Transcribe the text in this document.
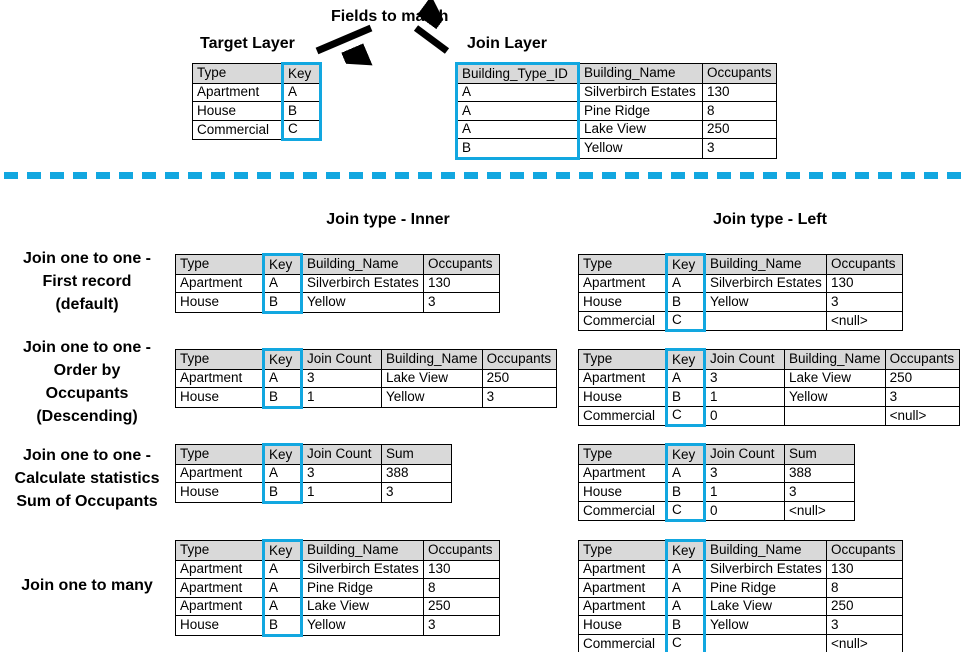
Fields to match
Target Layer	Join Layer
Type	Key
Apartment	A
House	B
Commercial	C
Building_Type_ID	Building_Name	Occupants
A	Silverbirch Estates	130
A	Pine Ridge	8
A	Lake View	250
B	Yellow	3
Join type - Inner	Join type - Left
Join one to one -
First record
(default)
Type	Key	Building_Name	Occupants
Apartment	A	Silverbirch Estates	130
House	B	Yellow	3
Type	Key	Building_Name	Occupants
Apartment	A	Silverbirch Estates	130
House	B	Yellow	3
Commercial	C		<null>
Join one to one -
Order by
Occupants
(Descending)
Type	Key	Join Count	Building_Name	Occupants
Apartment	A	3	Lake View	250
House	B	1	Yellow	3
Type	Key	Join Count	Building_Name	Occupants
Apartment	A	3	Lake View	250
House	B	1	Yellow	3
Commercial	C	0		<null>
Join one to one -
Calculate statistics
Sum of Occupants
Type	Key	Join Count	Sum
Apartment	A	3	388
House	B	1	3
Type	Key	Join Count	Sum
Apartment	A	3	388
House	B	1	3
Commercial	C	0	<null>
Join one to many
Type	Key	Building_Name	Occupants
Apartment	A	Silverbirch Estates	130
Apartment	A	Pine Ridge	8
Apartment	A	Lake View	250
House	B	Yellow	3
Type	Key	Building_Name	Occupants
Apartment	A	Silverbirch Estates	130
Apartment	A	Pine Ridge	8
Apartment	A	Lake View	250
House	B	Yellow	3
Commercial	C		<null>
